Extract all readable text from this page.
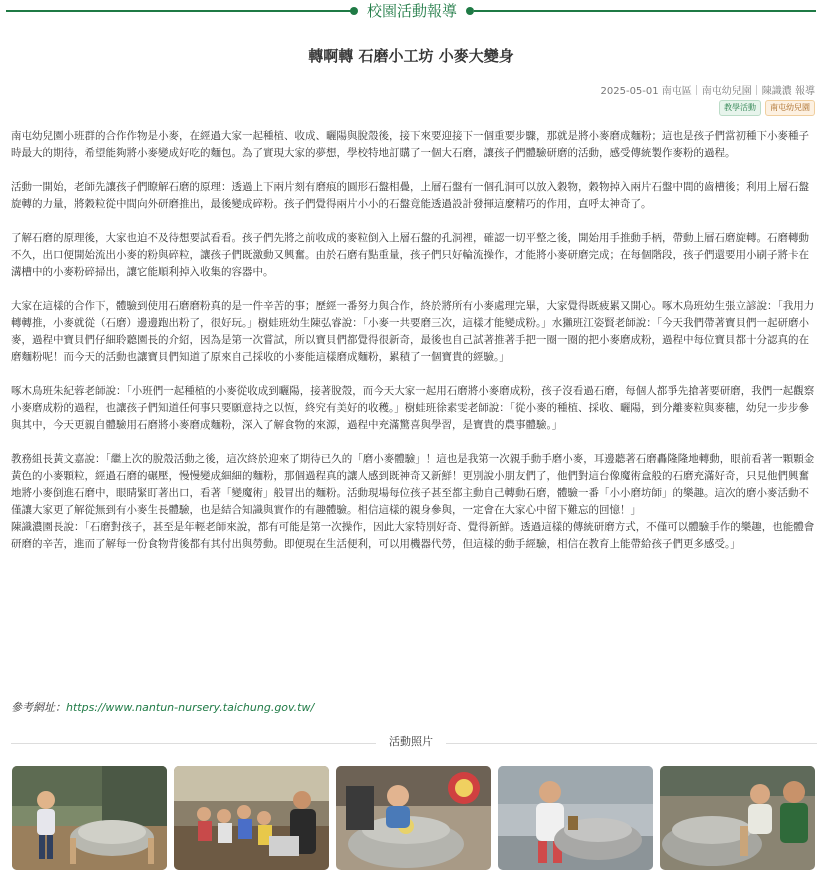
校園活動報導
轉啊轉 石磨小工坊 小麥大變身
2025-05-01 南屯區｜南屯幼兒園｜陳識濃 報導
教學活動	南屯幼兒園

南屯幼兒園小班群的合作作物是小麥，在經過大家一起種植、收成、曬陽與脫殼後，接下來要迎接下一個重要步驟，那就是將小麥磨成麵粉；這也是孩子們當初種下小麥種子時最大的期待，希望能夠將小麥變成好吃的麵包。為了實現大家的夢想，學校特地訂購了一個大石磨，讓孩子們體驗研磨的活動，感受傳統製作麥粉的過程。

活動一開始，老師先讓孩子們瞭解石磨的原理：透過上下兩片刻有磨痕的圓形石盤相疊，上層石盤有一個孔洞可以放入穀物，穀物掉入兩片石盤中間的齒槽後；利用上層石盤旋轉的力量，將穀粒從中間向外研磨推出，最後變成碎粉。孩子們覺得兩片小小的石盤竟能透過設計發揮這麼精巧的作用，直呼太神奇了。

了解石磨的原理後，大家也迫不及待想要試看看。孩子們先將之前收成的麥粒倒入上層石盤的孔洞裡，確認一切平整之後，開始用手推動手柄，帶動上層石磨旋轉。石磨轉動不久，出口便開始流出小麥的粉與碎粒，讓孩子們既激動又興奮。由於石磨有點重量，孩子們只好輪流操作，才能將小麥研磨完成；在每個階段，孩子們還要用小刷子將卡在溝槽中的小麥粉碎掃出，讓它能順利掉入收集的容器中。

大家在這樣的合作下，體驗到使用石磨磨粉真的是一件辛苦的事；歷經一番努力與合作，終於將所有小麥處理完畢，大家覺得既疲累又開心。啄木鳥班幼生張立諺說：「我用力轉轉推，小麥就從（石磨）邊邊跑出粉了，很好玩。」樹蛙班幼生陳弘睿說：「小麥一共要磨三次，這樣才能變成粉。」水獺班江姿賢老師說：「今天我們帶著寶貝們一起研磨小麥，過程中寶貝們仔細聆聽園長的介紹，因為是第一次嘗試，所以寶貝們都覺得很新奇，最後也自己試著推著手把一圈一圈的把小麥磨成粉，過程中每位寶貝都十分認真的在磨麵粉呢！而今天的活動也讓寶貝們知道了原來自己採收的小麥能這樣磨成麵粉，累積了一個寶貴的經驗。」

啄木鳥班朱紀蓉老師說：「小班們一起種植的小麥從收成到曬陽，接著脫殼，而今天大家一起用石磨將小麥磨成粉，孩子沒看過石磨，每個人都爭先搶著要研磨，我們一起觀察小麥磨成粉的過程，也讓孩子們知道任何事只要願意持之以恆，終究有美好的收穫。」樹蛙班徐素雯老師說：「從小麥的種植、採收、曬陽，到分離麥粒與麥穗，幼兒一步步參與其中，今天更親自體驗用石磨將小麥磨成麵粉，深入了解食物的來源，過程中充滿驚喜與學習，是寶貴的農事體驗。」

教務組長黃文嘉說：「繼上次的脫殼活動之後，這次終於迎來了期待已久的「磨小麥體驗」！這也是我第一次親手動手磨小麥，耳邊聽著石磨轟隆隆地轉動，眼前看著一顆顆金黃色的小麥顆粒，經過石磨的碾壓，慢慢變成細細的麵粉，那個過程真的讓人感到既神奇又新鮮！更別說小朋友們了，他們對這台像魔術盒般的石磨充滿好奇，只見他們興奮地將小麥倒進石磨中，眼睛緊盯著出口，看著「變魔術」般冒出的麵粉。活動現場每位孩子甚至都主動自己轉動石磨，體驗一番「小小磨坊師」的樂趣。這次的磨小麥活動不僅讓大家更了解從無到有小麥生長體驗，也是結合知識與實作的有趣體驗。相信這樣的親身參與，一定會在大家心中留下難忘的回憶！」

陳識濃園長說：「石磨對孩子，甚至是年輕老師來說，都有可能是第一次操作，因此大家特別好奇、覺得新鮮。透過這樣的傳統研磨方式，不僅可以體驗手作的樂趣，也能體會研磨的辛苦，進而了解每一份食物背後都有其付出與勞動。即便現在生活便利，可以用機器代勞，但這樣的動手經驗，相信在教育上能帶給孩子們更多感受。」

參考網址：https://www.nantun-nursery.taichung.gov.tw/
活動照片
